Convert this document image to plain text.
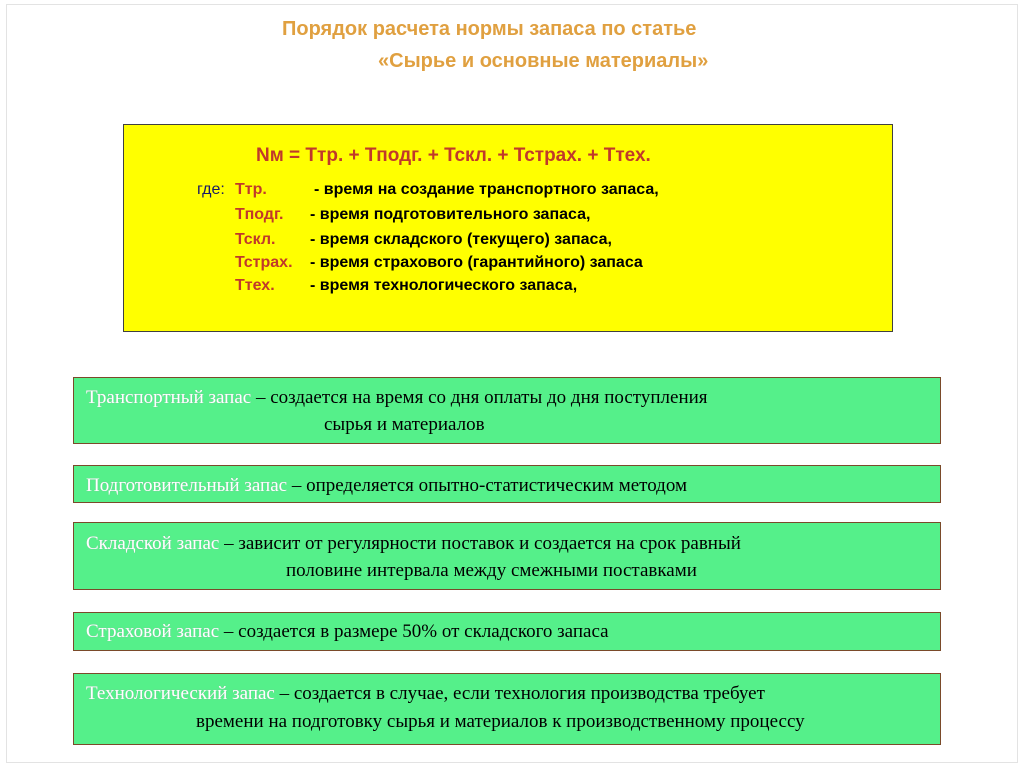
Порядок расчета нормы запаса по статье
«Сырье и основные материалы»
Nм = Ттр. + Тподг. + Тскл. + Тстрах. + Ттех.
где: Ттр.	- время на создание транспортного запаса,
Тподг. - время подготовительного запаса,
Тскл. - время складского (текущего) запаса,
Тстрах. - время страхового (гарантийного) запаса
Ттех. - время технологического запаса,
Транспортный запас – создается на время со дня оплаты до дня поступления
сырья и материалов
Подготовительный запас – определяется опытно-статистическим методом
Складской запас – зависит от регулярности поставок и создается на срок равный
половине интервала между смежными поставками
Страховой запас – создается в размере 50% от складского запаса
Технологический запас – создается в случае, если технология производства требует
времени на подготовку сырья и материалов к производственному процессу
